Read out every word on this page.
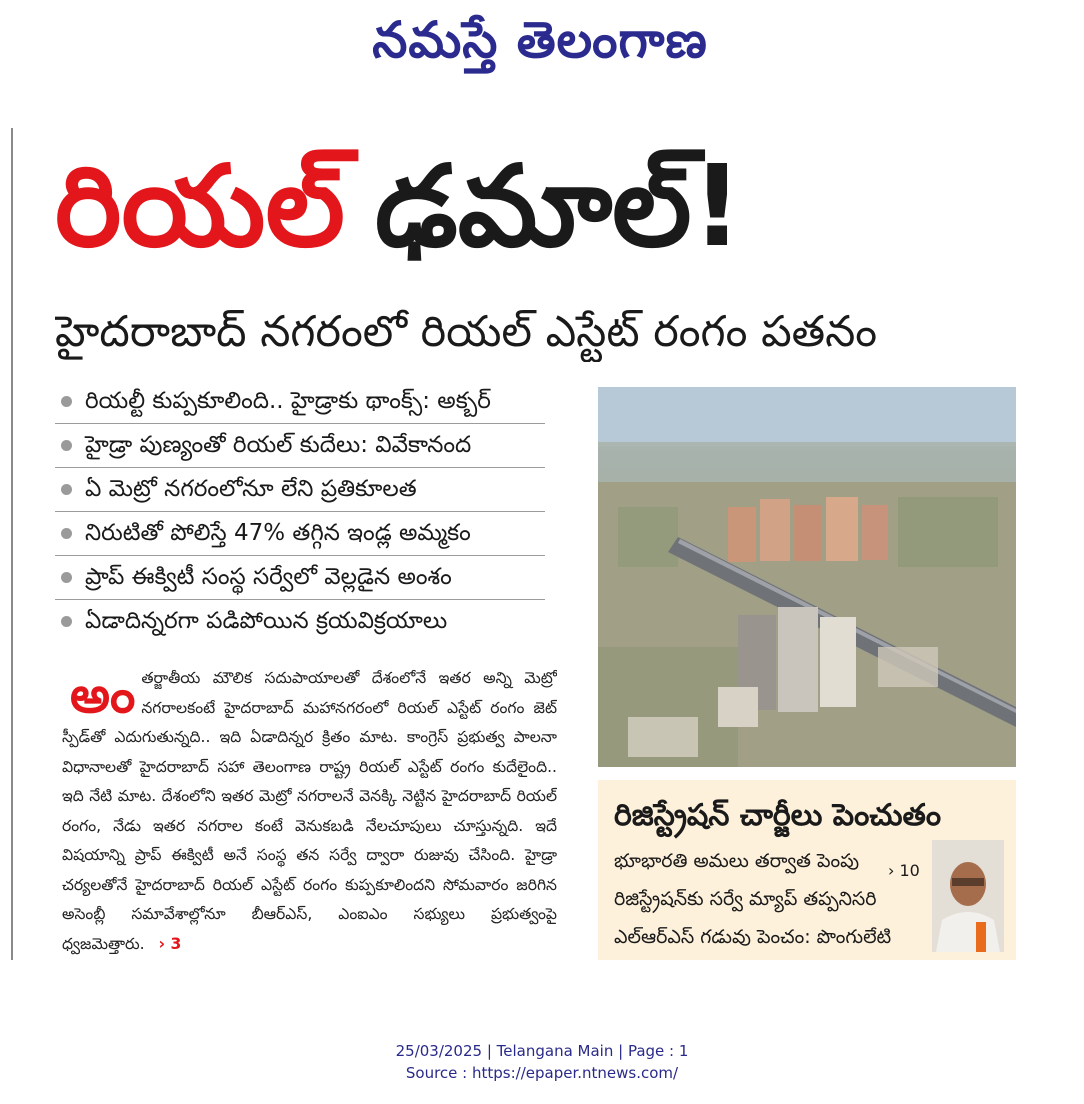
నమస్తే తెలంగాణ
రియల్ ఢమాల్!
హైదరాబాద్ నగరంలో రియల్ ఎస్టేట్ రంగం పతనం
రియల్టీ కుప్పకూలింది.. హైడ్రాకు థాంక్స్: అక్బర్
హైడ్రా పుణ్యంతో రియల్ కుదేలు: వివేకానంద
ఏ మెట్రో నగరంలోనూ లేని ప్రతికూలత
నిరుటితో పోలిస్తే 47% తగ్గిన ఇండ్ల అమ్మకం
ప్రాప్ ఈక్విటీ సంస్థ సర్వేలో వెల్లడైన అంశం
ఏడాదిన్నరగా పడిపోయిన క్రయవిక్రయాలు
అంతర్జాతీయ మౌలిక సదుపాయాలతో దేశంలోనే ఇతర అన్ని మెట్రో నగరాలకంటే హైదరాబాద్ మహానగరంలో రియల్ ఎస్టేట్ రంగం జెట్ స్పీడ్‌తో ఎదుగుతున్నది.. ఇది ఏడాదిన్నర క్రితం మాట. కాంగ్రెస్ ప్రభుత్వ పాలనా విధానాలతో హైదరాబాద్ సహా తెలంగాణ రాష్ట్ర రియల్ ఎస్టేట్ రంగం కుదేలైంది.. ఇది నేటి మాట. దేశంలోని ఇతర మెట్రో నగరాలనే వెనక్కి నెట్టిన హైదరాబాద్ రియల్ రంగం, నేడు ఇతర నగరాల కంటే వెనుకబడి నేలచూపులు చూస్తున్నది. ఇదే విషయాన్ని ప్రాప్ ఈక్విటీ అనే సంస్థ తన సర్వే ద్వారా రుజువు చేసింది. హైడ్రా చర్యలతోనే హైదరాబాద్ రియల్ ఎస్టేట్ రంగం కుప్పకూలిందని సోమవారం జరిగిన అసెంబ్లీ సమావేశాల్లోనూ బీఆర్ఎస్, ఎంఐఎం సభ్యులు ప్రభుత్వంపై ధ్వజమెత్తారు. › 3
రిజిస్ట్రేషన్ చార్జీలు పెంచుతం
భూభారతి అమలు తర్వాత పెంపు
రిజిస్ట్రేషన్‌కు సర్వే మ్యాప్ తప్పనిసరి
ఎల్ఆర్ఎస్ గడువు పెంచం: పొంగులేటి
› 10
25/03/2025 | Telangana Main | Page : 1
Source : https://epaper.ntnews.com/
